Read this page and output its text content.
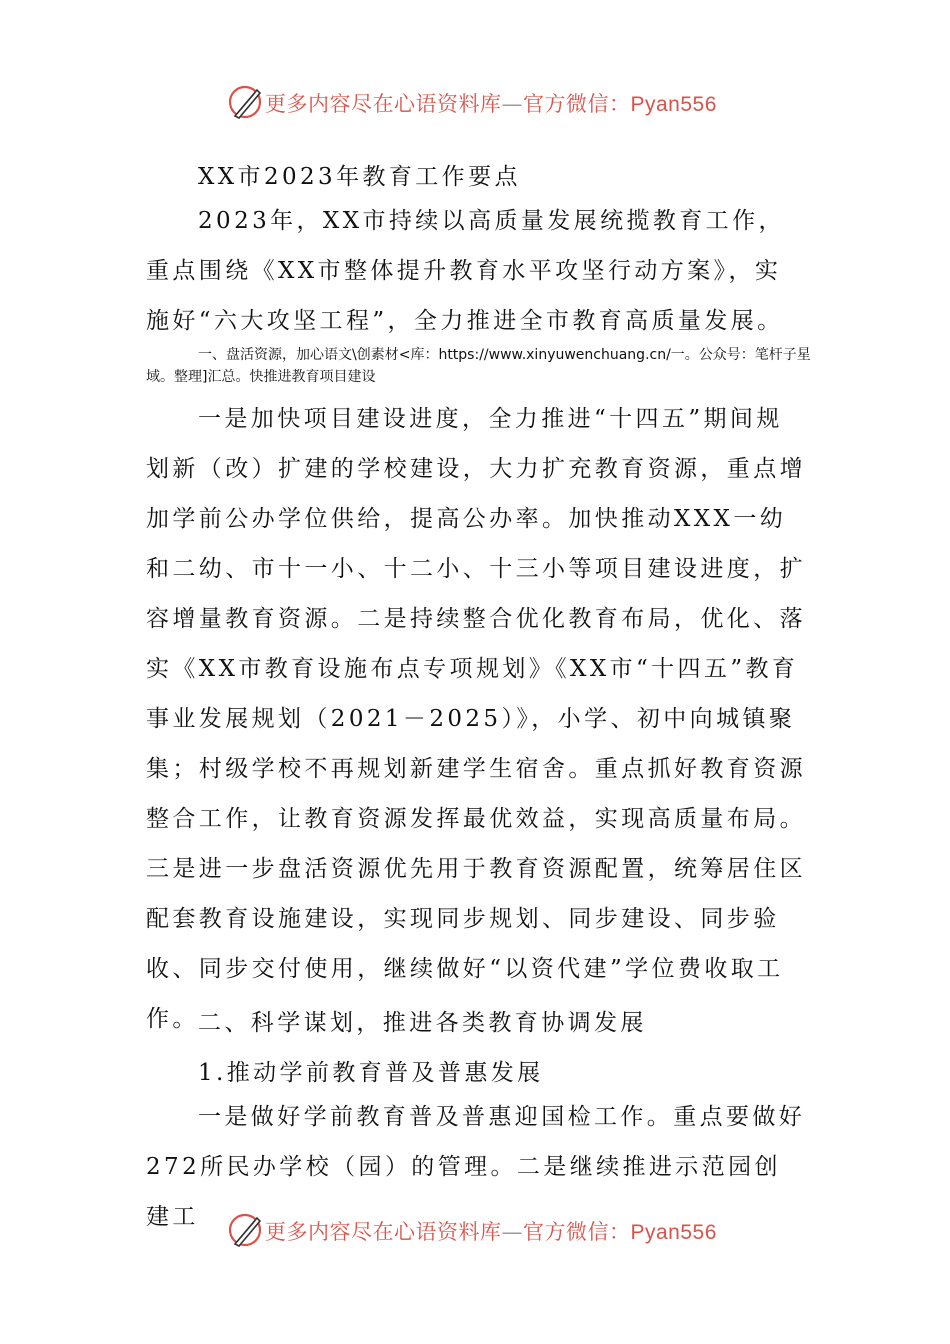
更多内容尽在心语资料库—官方微信：Pyan556
XX市2023年教育工作要点

2023年，XX市持续以高质量发展统揽教育工作，重点围绕《XX市整体提升教育水平攻坚行动方案》，实施好“六大攻坚工程”，全力推进全市教育高质量发展。

一、盘活资源，加心语文\创素材<库：https://www.xinyuwenchuang.cn/一。公众号：笔杆子星域。整理]汇总。快推进教育项目建设

一是加快项目建设进度，全力推进“十四五”期间规划新（改）扩建的学校建设，大力扩充教育资源，重点增加学前公办学位供给，提高公办率。加快推动XXX一幼和二幼、市十一小、十二小、十三小等项目建设进度，扩容增量教育资源。二是持续整合优化教育布局，优化、落实《XX市教育设施布点专项规划》《XX市“十四五”教育事业发展规划（2021－2025）》，小学、初中向城镇聚集；村级学校不再规划新建学生宿舍。重点抓好教育资源整合工作，让教育资源发挥最优效益，实现高质量布局。三是进一步盘活资源优先用于教育资源配置，统筹居住区配套教育设施建设，实现同步规划、同步建设、同步验收、同步交付使用，继续做好“以资代建”学位费收取工作。 二、科学谋划，推进各类教育协调发展
1.推动学前教育普及普惠发展

一是做好学前教育普及普惠迎国检工作。重点要做好272所民办学校（园）的管理。二是继续推进示范园创建工

更多内容尽在心语资料库—官方微信：Pyan556
